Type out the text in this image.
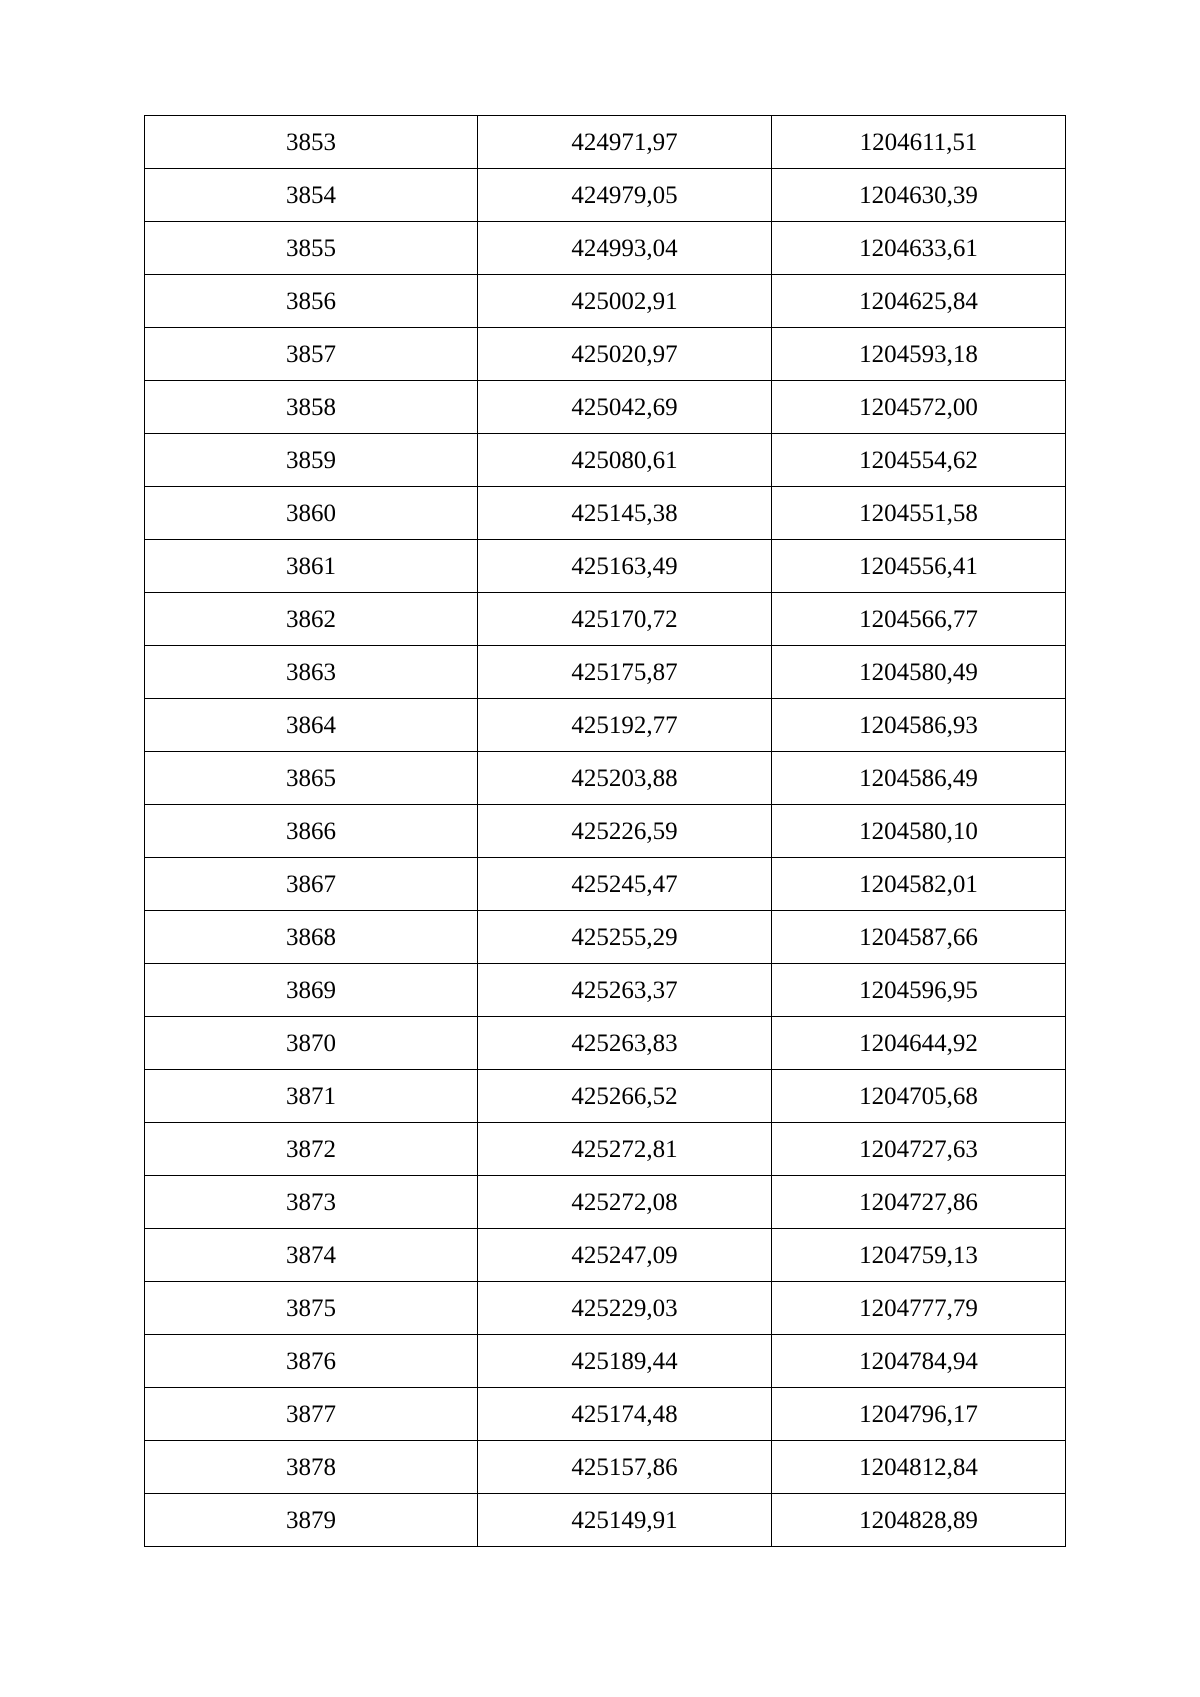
3853	424971,97	1204611,51
3854	424979,05	1204630,39
3855	424993,04	1204633,61
3856	425002,91	1204625,84
3857	425020,97	1204593,18
3858	425042,69	1204572,00
3859	425080,61	1204554,62
3860	425145,38	1204551,58
3861	425163,49	1204556,41
3862	425170,72	1204566,77
3863	425175,87	1204580,49
3864	425192,77	1204586,93
3865	425203,88	1204586,49
3866	425226,59	1204580,10
3867	425245,47	1204582,01
3868	425255,29	1204587,66
3869	425263,37	1204596,95
3870	425263,83	1204644,92
3871	425266,52	1204705,68
3872	425272,81	1204727,63
3873	425272,08	1204727,86
3874	425247,09	1204759,13
3875	425229,03	1204777,79
3876	425189,44	1204784,94
3877	425174,48	1204796,17
3878	425157,86	1204812,84
3879	425149,91	1204828,89
